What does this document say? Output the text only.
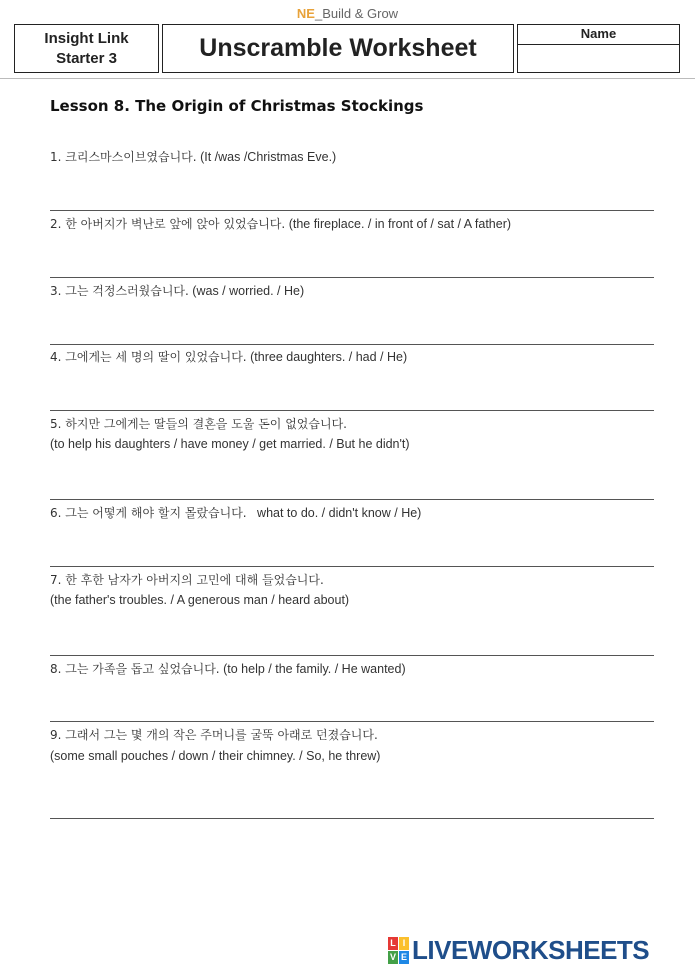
NE_Build & Grow
Insight Link
Starter 3	Unscramble Worksheet
Name
Lesson 8. The Origin of Christmas Stockings
1. 크리스마스이브였습니다. (It /was /Christmas Eve.)
2. 한 아버지가 벽난로 앞에 앉아 있었습니다. (the fireplace. / in front of / sat / A father)
3. 그는 걱정스러웠습니다. (was / worried. / He)
4. 그에게는 세 명의 딸이 있었습니다. (three daughters. / had / He)
5. 하지만 그에게는 딸들의 결혼을 도울 돈이 없었습니다.
(to help his daughters / have money / get married. / But he didn't)
6. 그는 어떻게 해야 할지 몰랐습니다.   what to do. / didn't know / He)
7. 한 후한 남자가 아버지의 고민에 대해 들었습니다.
(the father's troubles. / A generous man / heard about)
8. 그는 가족을 돕고 싶었습니다. (to help / the family. / He wanted)
9. 그래서 그는 몇 개의 작은 주머니를 굴뚝 아래로 던졌습니다.
(some small pouches / down / their chimney. / So, he threw)
L I
V E LIVEWORKSHEETS
